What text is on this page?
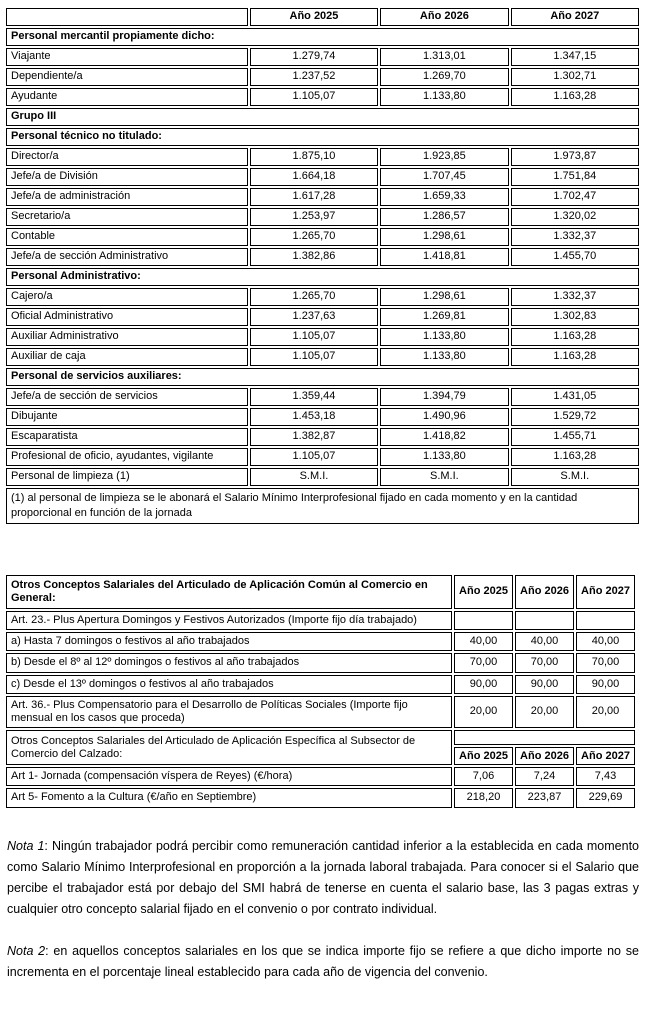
	Año 2025	Año 2026	Año 2027
Personal mercantil propiamente dicho:			
Viajante	1.279,74	1.313,01	1.347,15
Dependiente/a	1.237,52	1.269,70	1.302,71
Ayudante	1.105,07	1.133,80	1.163,28
Grupo III			
Personal técnico no titulado:			
Director/a	1.875,10	1.923,85	1.973,87
Jefe/a de División	1.664,18	1.707,45	1.751,84
Jefe/a de administración	1.617,28	1.659,33	1.702,47
Secretario/a	1.253,97	1.286,57	1.320,02
Contable	1.265,70	1.298,61	1.332,37
Jefe/a de sección Administrativo	1.382,86	1.418,81	1.455,70
Personal Administrativo:			
Cajero/a	1.265,70	1.298,61	1.332,37
Oficial Administrativo	1.237,63	1.269,81	1.302,83
Auxiliar Administrativo	1.105,07	1.133,80	1.163,28
Auxiliar de caja	1.105,07	1.133,80	1.163,28
Personal de servicios auxiliares:			
Jefe/a de sección de servicios	1.359,44	1.394,79	1.431,05
Dibujante	1.453,18	1.490,96	1.529,72
Escaparatista	1.382,87	1.418,82	1.455,71
Profesional de oficio, ayudantes, vigilante	1.105,07	1.133,80	1.163,28
Personal de limpieza (1)	S.M.I.	S.M.I.	S.M.I.
(1) al personal de limpieza se le abonará el Salario Mínimo Interprofesional fijado en cada momento y en la cantidad proporcional en función de la jornada			
Otros Conceptos Salariales del Articulado de Aplicación Común al Comercio en General:	Año 2025	Año 2026	Año 2027
Art. 23.- Plus Apertura Domingos y Festivos Autorizados (Importe fijo día trabajado)			
a) Hasta 7 domingos o festivos al año trabajados	40,00	40,00	40,00
b) Desde el 8º al 12º domingos o festivos al año trabajados	70,00	70,00	70,00
c) Desde el 13º domingos o festivos al año trabajados	90,00	90,00	90,00
Art. 36.- Plus Compensatorio para el Desarrollo de Políticas Sociales (Importe fijo mensual en los casos que proceda)	20,00	20,00	20,00
Otros Conceptos Salariales del Articulado de Aplicación Específica al Subsector de Comercio del Calzado:			
	Año 2025	Año 2026	Año 2027
Art 1- Jornada (compensación víspera de Reyes) (€/hora)	7,06	7,24	7,43
Art 5- Fomento a la Cultura (€/año en Septiembre)	218,20	223,87	229,69

Nota 1: Ningún trabajador podrá percibir como remuneración cantidad inferior a la establecida en cada momento como Salario Mínimo Interprofesional en proporción a la jornada laboral trabajada. Para conocer si el Salario que percibe el trabajador está por debajo del SMI habrá de tenerse en cuenta el salario base, las 3 pagas extras y cualquier otro concepto salarial fijado en el convenio o por contrato individual.

Nota 2: en aquellos conceptos salariales en los que se indica importe fijo se refiere a que dicho importe no se incrementa en el porcentaje lineal establecido para cada año de vigencia del convenio.
